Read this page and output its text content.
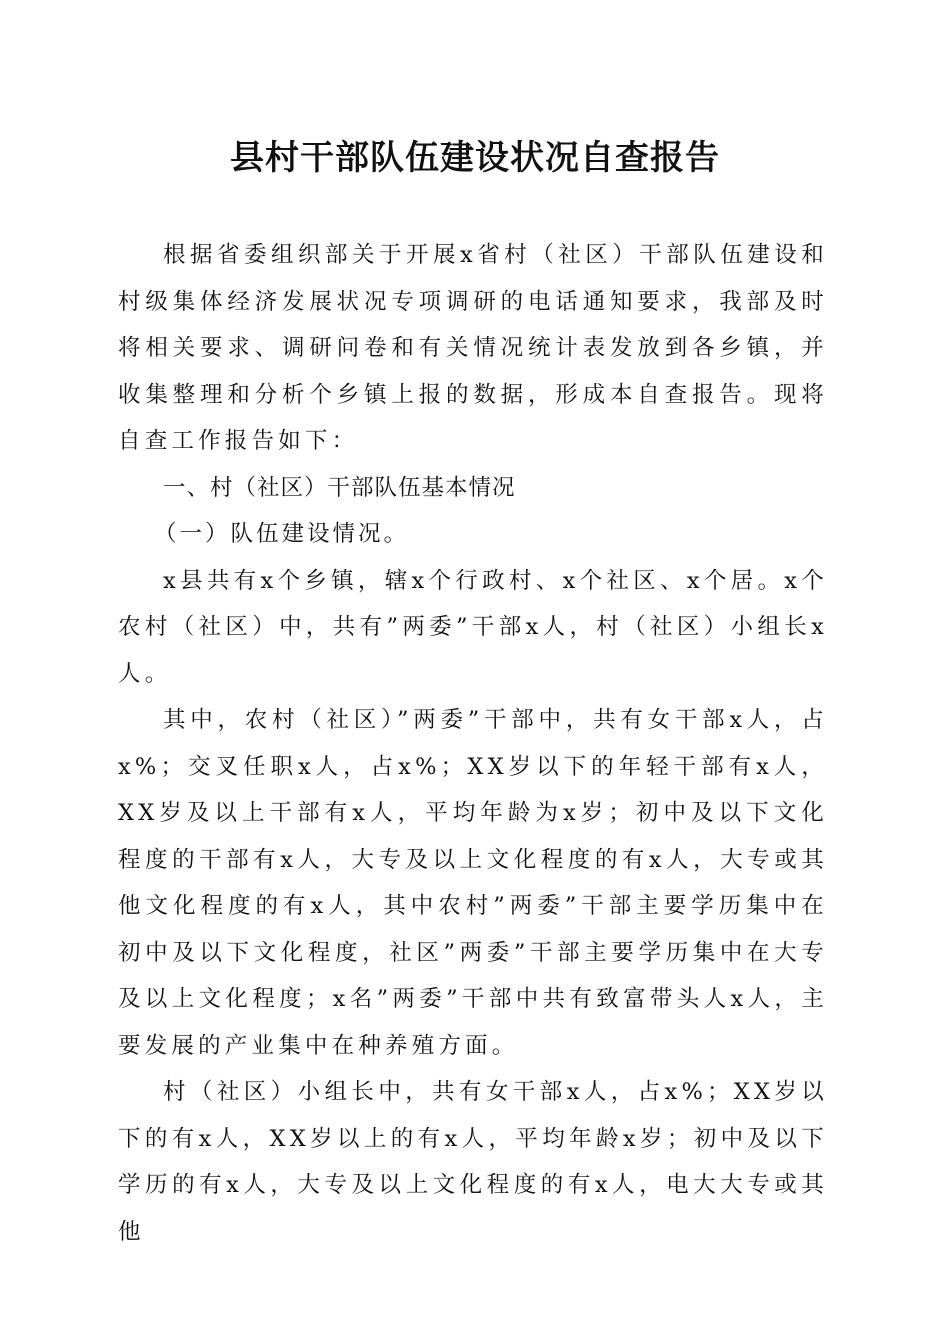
县村干部队伍建设状况自查报告

根据省委组织部关于开展x省村（社区）干部队伍建设和村级集体经济发展状况专项调研的电话通知要求，我部及时将相关要求、调研问卷和有关情况统计表发放到各乡镇，并收集整理和分析个乡镇上报的数据，形成本自查报告。现将自查工作报告如下：

一、村（社区）干部队伍基本情况
（一）队伍建设情况。

x县共有x个乡镇，辖x个行政村、x个社区、x个居。x个农村（社区）中，共有”两委”干部x人，村（社区）小组长x人。

其中，农村（社区）”两委”干部中，共有女干部x人，占x%；交叉任职x人，占x%；XX岁以下的年轻干部有x人，XX岁及以上干部有x人，平均年龄为x岁；初中及以下文化程度的干部有x人，大专及以上文化程度的有x人，大专或其他文化程度的有x人，其中农村”两委”干部主要学历集中在初中及以下文化程度，社区”两委”干部主要学历集中在大专及以上文化程度；x名”两委”干部中共有致富带头人x人，主要发展的产业集中在种养殖方面。

村（社区）小组长中，共有女干部x人，占x%；XX岁以下的有x人，XX岁以上的有x人，平均年龄x岁；初中及以下学历的有x人，大专及以上文化程度的有x人，电大大专或其他
